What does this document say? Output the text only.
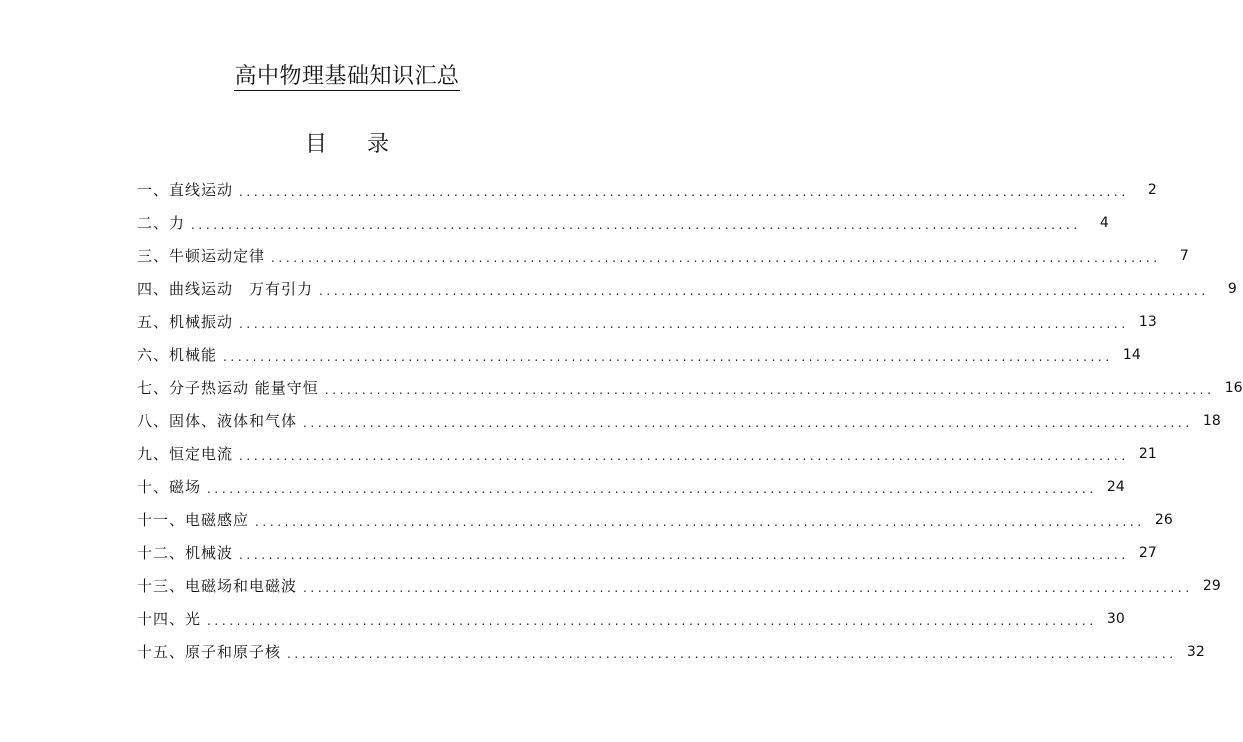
高中物理基础知识汇总
目录
一、直线运动 ........................................................................................................................	2
二、力 ........................................................................................................................	4
三、牛顿运动定律 ........................................................................................................................	7
四、曲线运动　万有引力 ........................................................................................................................	9
五、机械振动 ........................................................................................................................ 13
六、机械能 ........................................................................................................................ 14
七、分子热运动 能量守恒 ........................................................................................................................ 16
八、固体、液体和气体 ........................................................................................................................ 18
九、恒定电流 ........................................................................................................................ 21
十、磁场 ........................................................................................................................ 24
十一、电磁感应 ........................................................................................................................ 26
十二、机械波 ........................................................................................................................ 27
十三、电磁场和电磁波 ........................................................................................................................ 29
十四、光 ........................................................................................................................ 30
十五、原子和原子核 ........................................................................................................................ 32
